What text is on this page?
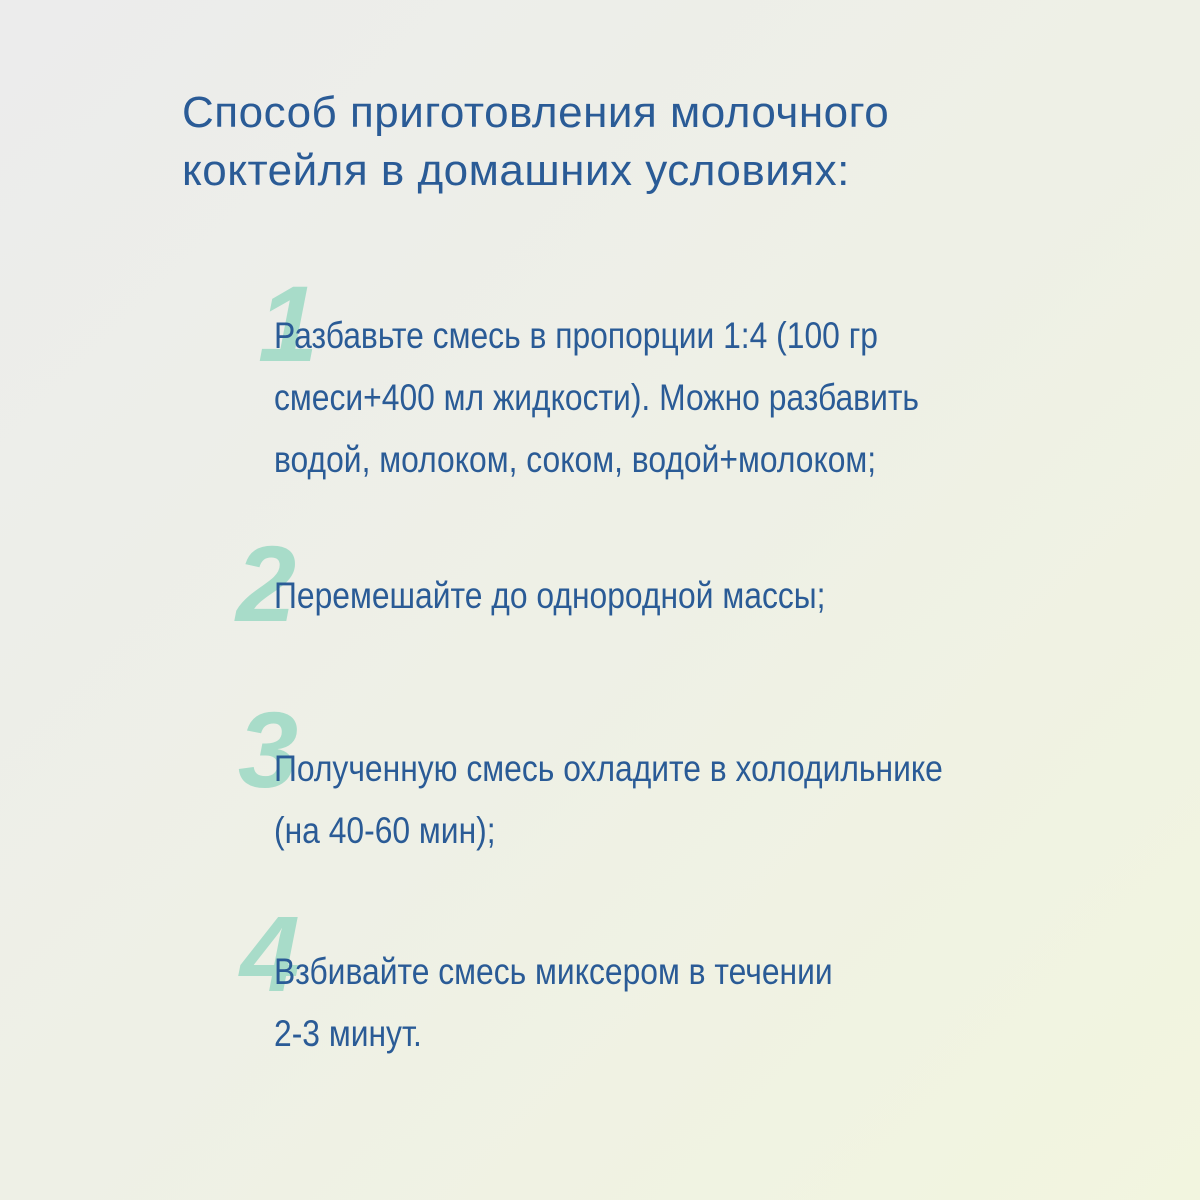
Способ приготовления молочного
коктейля в домашних условиях:
1

Разбавьте смесь в пропорции 1:4 (100 гр
смеси+400 мл жидкости). Можно разбавить
водой, молоком, соком, водой+молоком;

2

Перемешайте до однородной массы;

3

Полученную смесь охладите в холодильнике
(на 40-60 мин);

4

Взбивайте смесь миксером в течении
2-3 минут.
